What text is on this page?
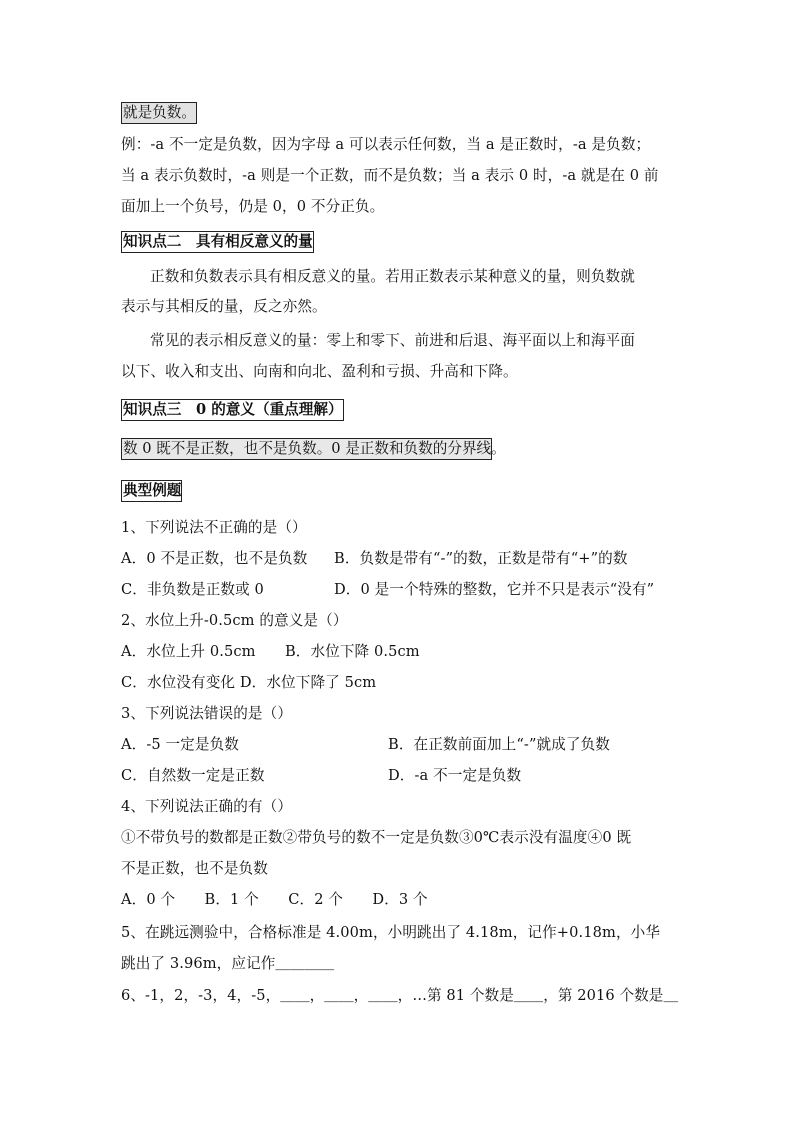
就是负数。
例：-a 不一定是负数，因为字母 a 可以表示任何数，当 a 是正数时，-a 是负数；
当 a 表示负数时，-a 则是一个正数，而不是负数；当 a 表示 0 时，-a 就是在 0 前
面加上一个负号，仍是 0，0 不分正负。
知识点二　具有相反意义的量
正数和负数表示具有相反意义的量。若用正数表示某种意义的量，则负数就
表示与其相反的量，反之亦然。
常见的表示相反意义的量：零上和零下、前进和后退、海平面以上和海平面
以下、收入和支出、向南和向北、盈利和亏损、升高和下降。
知识点三　0 的意义（重点理解）
数 0 既不是正数，也不是负数。0 是正数和负数的分界线 。
典型例题
1、下列说法不正确的是（）
A．0 不是正数，也不是负数 B．负数是带有“-”的数，正数是带有“+”的数
C．非负数是正数或 0	D．0 是一个特殊的整数，它并不只是表示“没有”
2、水位上升-0.5cm 的意义是（）
A．水位上升 0.5cm　　B．水位下降 0.5cm
C．水位没有变化 D．水位下降了 5cm
3、下列说法错误的是（）
A．-5 一定是负数	B．在正数前面加上“-”就成了负数
C．自然数一定是正数	D．-a 不一定是负数
4、下列说法正确的有（）
①不带负号的数都是正数②带负号的数不一定是负数③0℃表示没有温度④0 既
不是正数，也不是负数
A．0 个　　B．1 个　　C．2 个　　D．3 个
5、在跳远测验中，合格标准是 4.00m，小明跳出了 4.18m，记作+0.18m，小华
跳出了 3.96m，应记作＿＿＿＿
6、-1，2，-3，4，-5，＿＿，＿＿，＿＿，…第 81 个数是＿＿，第 2016 个数是＿
